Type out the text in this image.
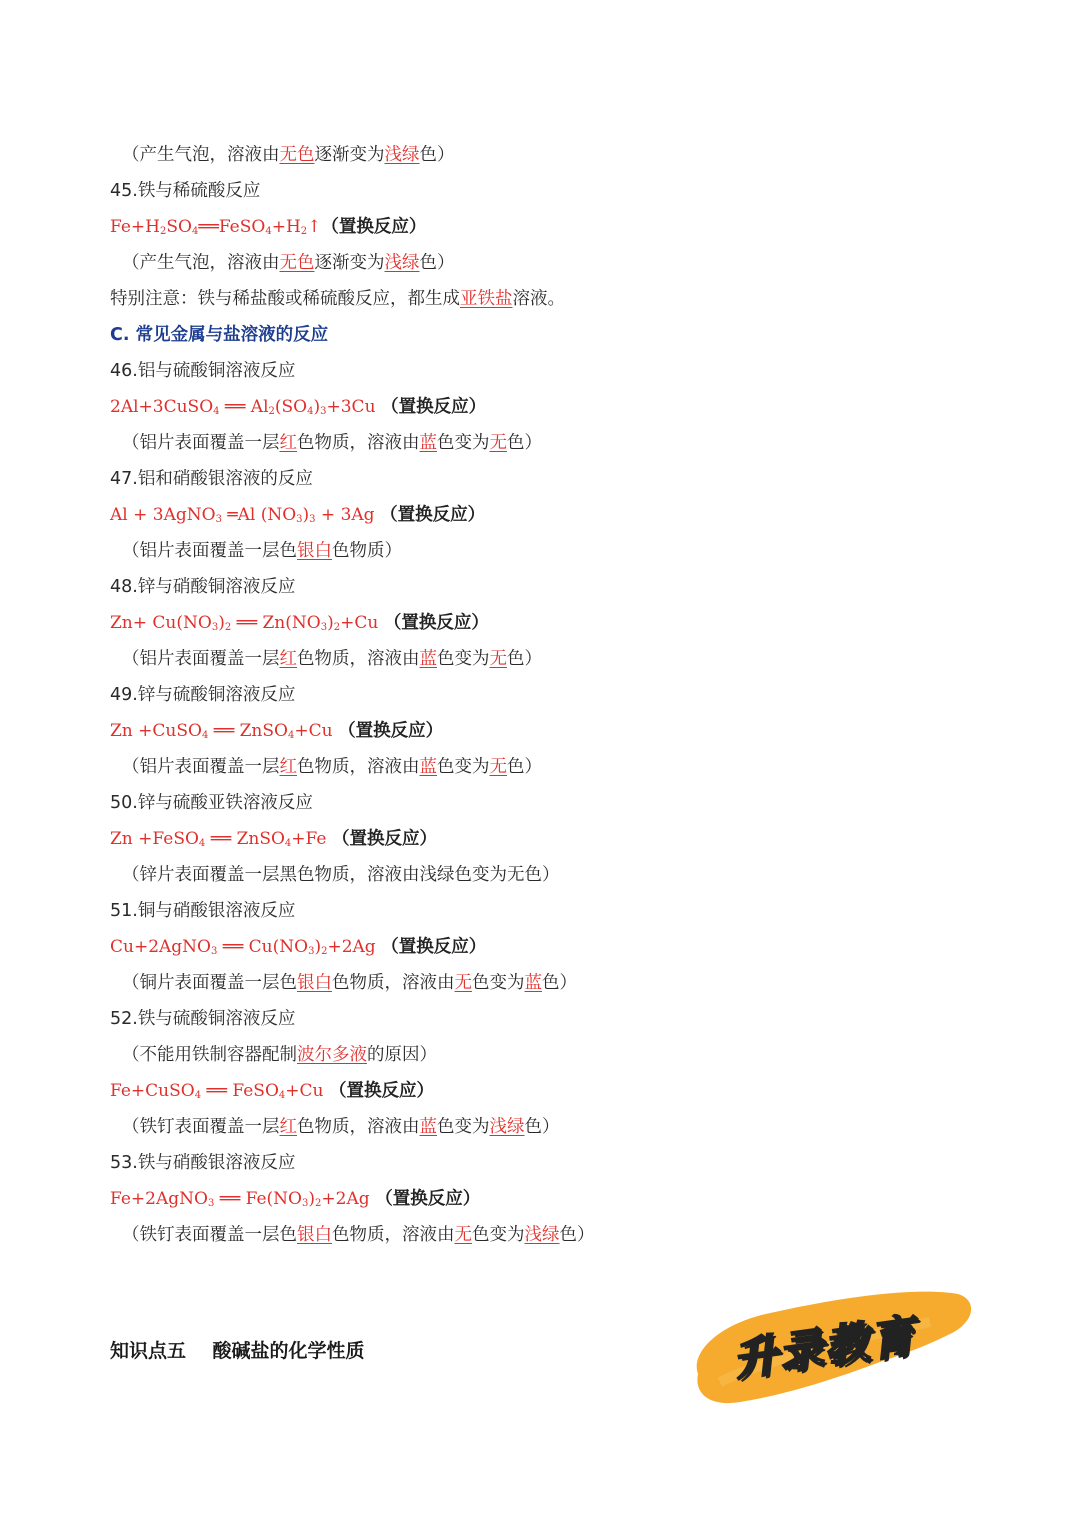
（产生气泡，溶液由无色逐渐变为浅绿色）
45.铁与稀硫酸反应
$Fe+H_2SO_4══FeSO_4+H_2↑$（置换反应）
（产生气泡，溶液由无色逐渐变为浅绿色）
特别注意：铁与稀盐酸或稀硫酸反应，都生成亚铁盐溶液。
C. 常见金属与盐溶液的反应
46.铝与硫酸铜溶液反应
2Al+3CuSO$_4$ ══ $Al_2(SO_4)_3+3Cu$ （置换反应）
（铝片表面覆盖一层红色物质，溶液由蓝色变为无色）
47.铝和硝酸银溶液的反应
Al + 3AgNO$_3$ ═Al $(NO_3)_3 + 3Ag$ （置换反应）
（铝片表面覆盖一层色银白色物质）
48.锌与硝酸铜溶液反应
$Zn+ Cu(NO_3)_2$ ══ $Zn(NO_3)_2+Cu$ （置换反应）
（铝片表面覆盖一层红色物质，溶液由蓝色变为无色）
49.锌与硫酸铜溶液反应
Zn +CuSO$_4$ ══ ZnSO$_4$+Cu （置换反应）
（铝片表面覆盖一层红色物质，溶液由蓝色变为无色）
50.锌与硫酸亚铁溶液反应
Zn +FeSO$_4$ ══ ZnSO$_4$+Fe （置换反应）
（锌片表面覆盖一层黑色物质，溶液由浅绿色变为无色）
51.铜与硝酸银溶液反应
Cu+2AgNO$_3$ ══ $Cu(NO_3)_2+2Ag$ （置换反应）
（铜片表面覆盖一层色银白色物质，溶液由无色变为蓝色）
52.铁与硫酸铜溶液反应
（不能用铁制容器配制波尔多液的原因）
Fe+CuSO$_4$ ══ FeSO$_4$+Cu （置换反应）
（铁钉表面覆盖一层红色物质，溶液由蓝色变为浅绿色）
53.铁与硝酸银溶液反应
Fe+2AgNO$_3$ ══ $Fe(NO_3)_2+2Ag$ （置换反应）
（铁钉表面覆盖一层色银白色物质，溶液由无色变为浅绿色）
知识点五    酸碱盐的化学性质	升录教育
